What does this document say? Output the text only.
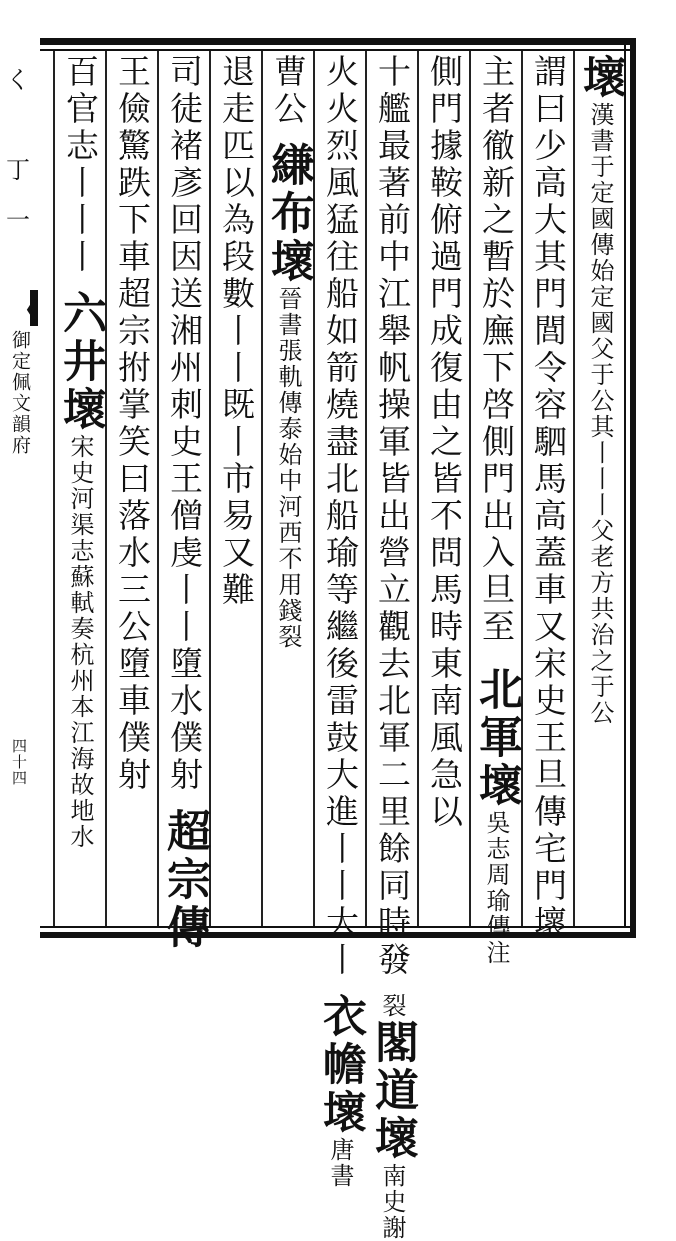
く
丁
一
❮
御定佩文韻府
四十四
壞漢書于定國傳始定國父于公其丨丨丨父老方共治之于公
謂曰少高大其門閭令容駟馬高蓋車又宋史王旦傳宅門壞
主者徹新之暫於廡下啓側門出入旦至北軍壞吳志周瑜傳注
側門據鞍俯過門成復由之皆不問馬時東南風急以
十艦最著前中江舉帆操軍皆出營立觀去北軍二里餘同時發裂閣道壞南史謝
火火烈風猛往船如箭燒盡北船瑜等繼後雷鼓大進丨丨大丨衣幨壞唐書
曹公縑布壞晉書張軌傳泰始中河西不用錢裂
退走匹以為段數丨丨既丨市易又難
司徒褚彥回因送湘州刺史王僧虔丨丨墮水僕射超宗傳
王儉驚跌下車超宗拊掌笑曰落水三公墮車僕射
百官志丨丨丨六井壞宋史河渠志蘇軾奏杭州本江海故地水
